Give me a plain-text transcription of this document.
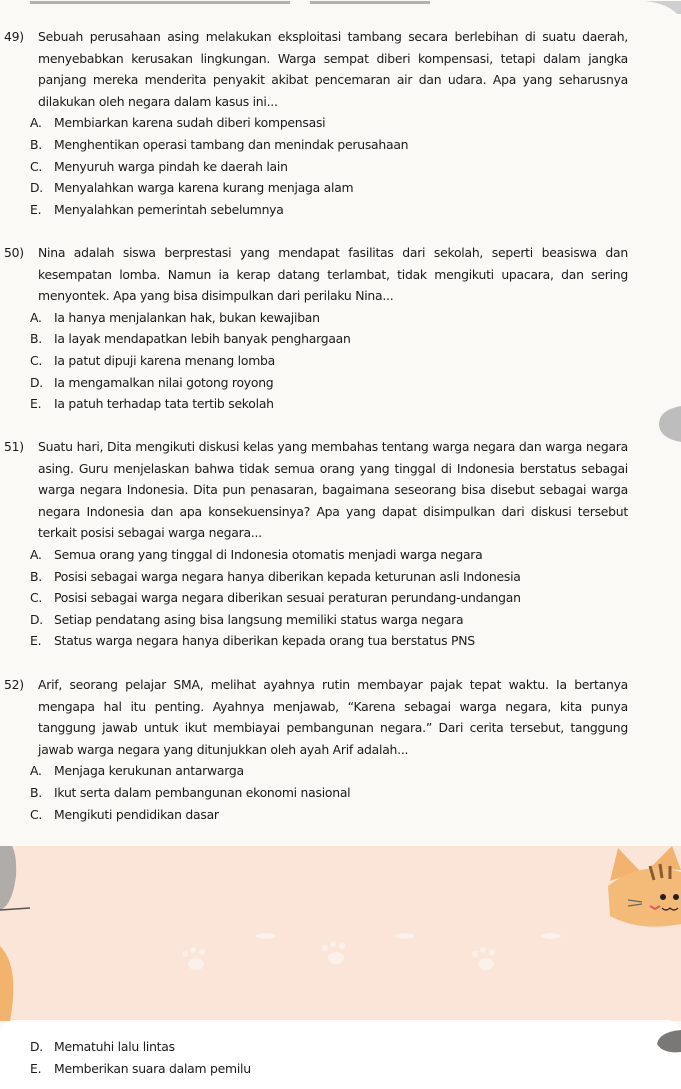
49)	Sebuah perusahaan asing melakukan eksploitasi tambang secara berlebihan di suatu daerah, menyebabkan kerusakan lingkungan. Warga sempat diberi kompensasi, tetapi dalam jangka panjang mereka menderita penyakit akibat pencemaran air dan udara. Apa yang seharusnya dilakukan oleh negara dalam kasus ini...
A. Membiarkan karena sudah diberi kompensasi
B. Menghentikan operasi tambang dan menindak perusahaan
C. Menyuruh warga pindah ke daerah lain
D. Menyalahkan warga karena kurang menjaga alam
E.	Menyalahkan pemerintah sebelumnya
50)	Nina adalah siswa berprestasi yang mendapat fasilitas dari sekolah, seperti beasiswa dan kesempatan lomba. Namun ia kerap datang terlambat, tidak mengikuti upacara, dan sering menyontek. Apa yang bisa disimpulkan dari perilaku Nina...
A. Ia hanya menjalankan hak, bukan kewajiban
B. Ia layak mendapatkan lebih banyak penghargaan
C. Ia patut dipuji karena menang lomba
D. Ia mengamalkan nilai gotong royong
E.	Ia patuh terhadap tata tertib sekolah
51)	Suatu hari, Dita mengikuti diskusi kelas yang membahas tentang warga negara dan warga negara asing. Guru menjelaskan bahwa tidak semua orang yang tinggal di Indonesia berstatus sebagai warga negara Indonesia. Dita pun penasaran, bagaimana seseorang bisa disebut sebagai warga negara Indonesia dan apa konsekuensinya? Apa yang dapat disimpulkan dari diskusi tersebut terkait posisi sebagai warga negara...
A. Semua orang yang tinggal di Indonesia otomatis menjadi warga negara
B. Posisi sebagai warga negara hanya diberikan kepada keturunan asli Indonesia
C. Posisi sebagai warga negara diberikan sesuai peraturan perundang-undangan
D. Setiap pendatang asing bisa langsung memiliki status warga negara
E.	Status warga negara hanya diberikan kepada orang tua berstatus PNS
52)	Arif, seorang pelajar SMA, melihat ayahnya rutin membayar pajak tepat waktu. Ia bertanya mengapa hal itu penting. Ayahnya menjawab, “Karena sebagai warga negara, kita punya tanggung jawab untuk ikut membiayai pembangunan negara.” Dari cerita tersebut, tanggung jawab warga negara yang ditunjukkan oleh ayah Arif adalah...
A. Menjaga kerukunan antarwarga
B. Ikut serta dalam pembangunan ekonomi nasional
C. Mengikuti pendidikan dasar
D. Mematuhi lalu lintas
E.	Memberikan suara dalam pemilu
